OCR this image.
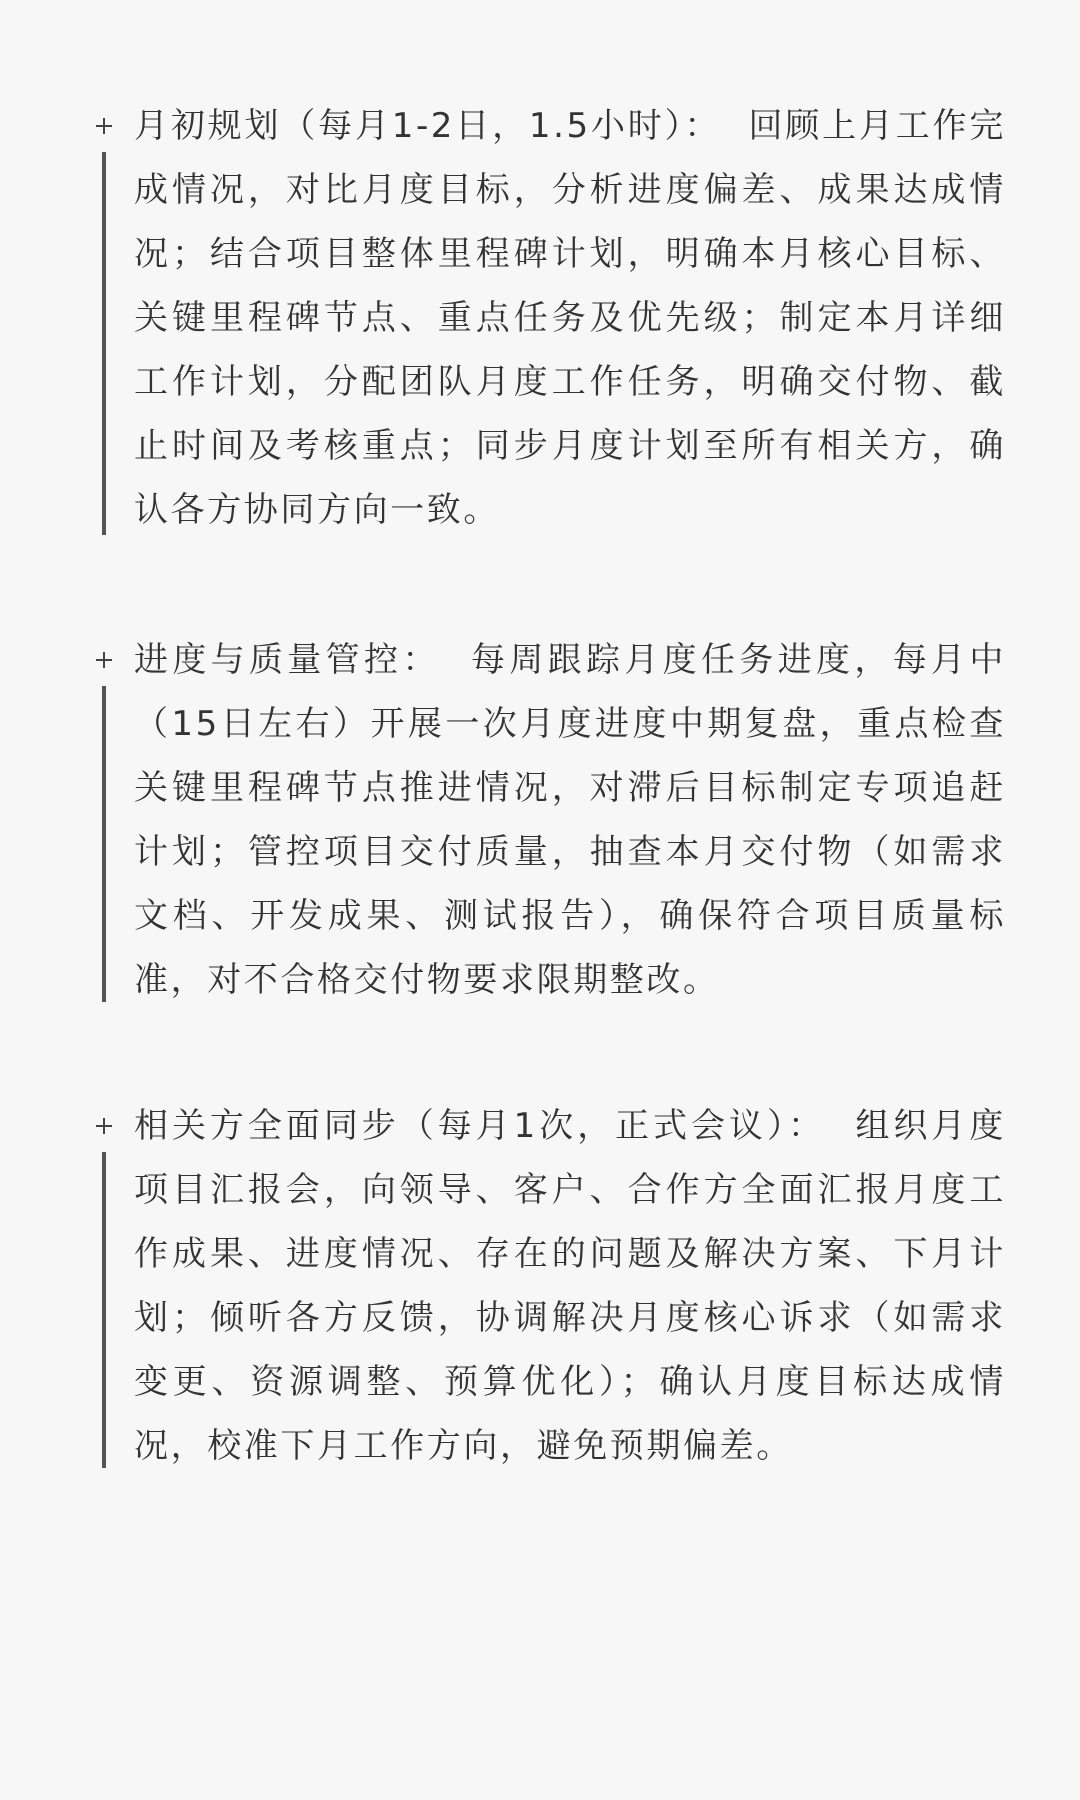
月初规划（每月1-2日，1.5小时）： 回顾上月工作完成情况，对比月度目标，分析进度偏差、成果达成情况；结合项目整体里程碑计划，明确本月核心目标、关键里程碑节点、重点任务及优先级；制定本月详细工作计划，分配团队月度工作任务，明确交付物、截止时间及考核重点；同步月度计划至所有相关方，确认各方协同方向一致。
进度与质量管控： 每周跟踪月度任务进度，每月中（15日左右）开展一次月度进度中期复盘，重点检查关键里程碑节点推进情况，对滞后目标制定专项追赶计划；管控项目交付质量，抽查本月交付物（如需求文档、开发成果、测试报告），确保符合项目质量标准，对不合格交付物要求限期整改。
相关方全面同步（每月1次，正式会议）： 组织月度项目汇报会，向领导、客户、合作方全面汇报月度工作成果、进度情况、存在的问题及解决方案、下月计划；倾听各方反馈，协调解决月度核心诉求（如需求变更、资源调整、预算优化）；确认月度目标达成情况，校准下月工作方向，避免预期偏差。
